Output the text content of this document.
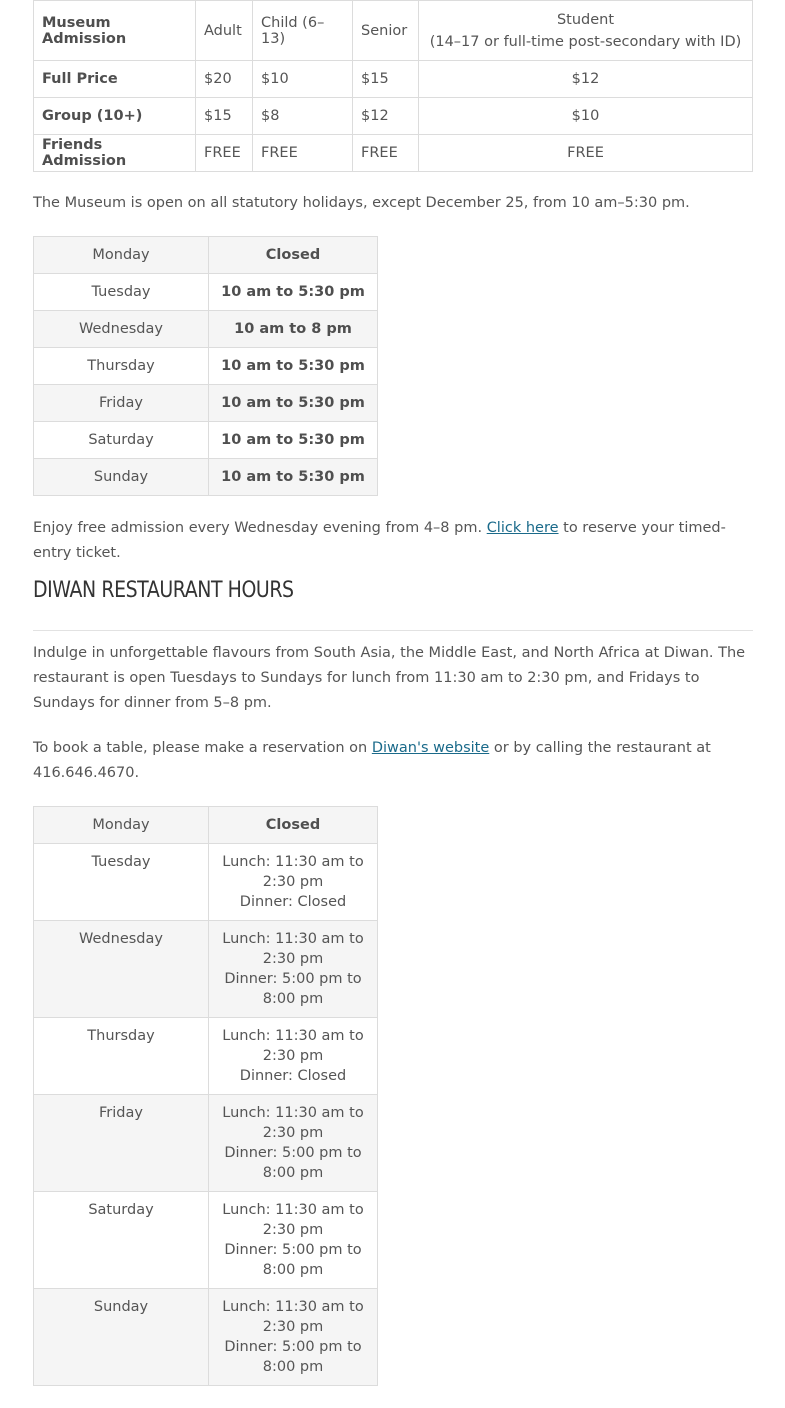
Museum Admission	Adult	Child (6–13)	Senior	Student
(14–17 or full-time post-secondary with ID)

Full Price	$20	$10	$15	$12
Group (10+)	$15	$8	$12	$10
Friends Admission	FREE	FREE	FREE	FREE

The Museum is open on all statutory holidays, except December 25, from 10 am–5:30 pm.

Monday	Closed
Tuesday	10 am to 5:30 pm
Wednesday	10 am to 8 pm
Thursday	10 am to 5:30 pm
Friday	10 am to 5:30 pm
Saturday	10 am to 5:30 pm
Sunday	10 am to 5:30 pm

Enjoy free admission every Wednesday evening from 4–8 pm. Click here to reserve your timed-entry ticket.

DIWAN RESTAURANT HOURS

Indulge in unforgettable flavours from South Asia, the Middle East, and North Africa at Diwan. The restaurant is open Tuesdays to Sundays for lunch from 11:30 am to 2:30 pm, and Fridays to Sundays for dinner from 5–8 pm.

To book a table, please make a reservation on Diwan's website or by calling the restaurant at 416.646.4670.

Monday	Closed
Tuesday	Lunch: 11:30 am to
2:30 pm
Dinner: Closed

Wednesday	Lunch: 11:30 am to
2:30 pm
Dinner: 5:00 pm to
8:00 pm

Thursday	Lunch: 11:30 am to
2:30 pm
Dinner: Closed

Friday	Lunch: 11:30 am to
2:30 pm
Dinner: 5:00 pm to
8:00 pm

Saturday	Lunch: 11:30 am to
2:30 pm
Dinner: 5:00 pm to
8:00 pm

Sunday	Lunch: 11:30 am to
2:30 pm
Dinner: 5:00 pm to
8:00 pm
